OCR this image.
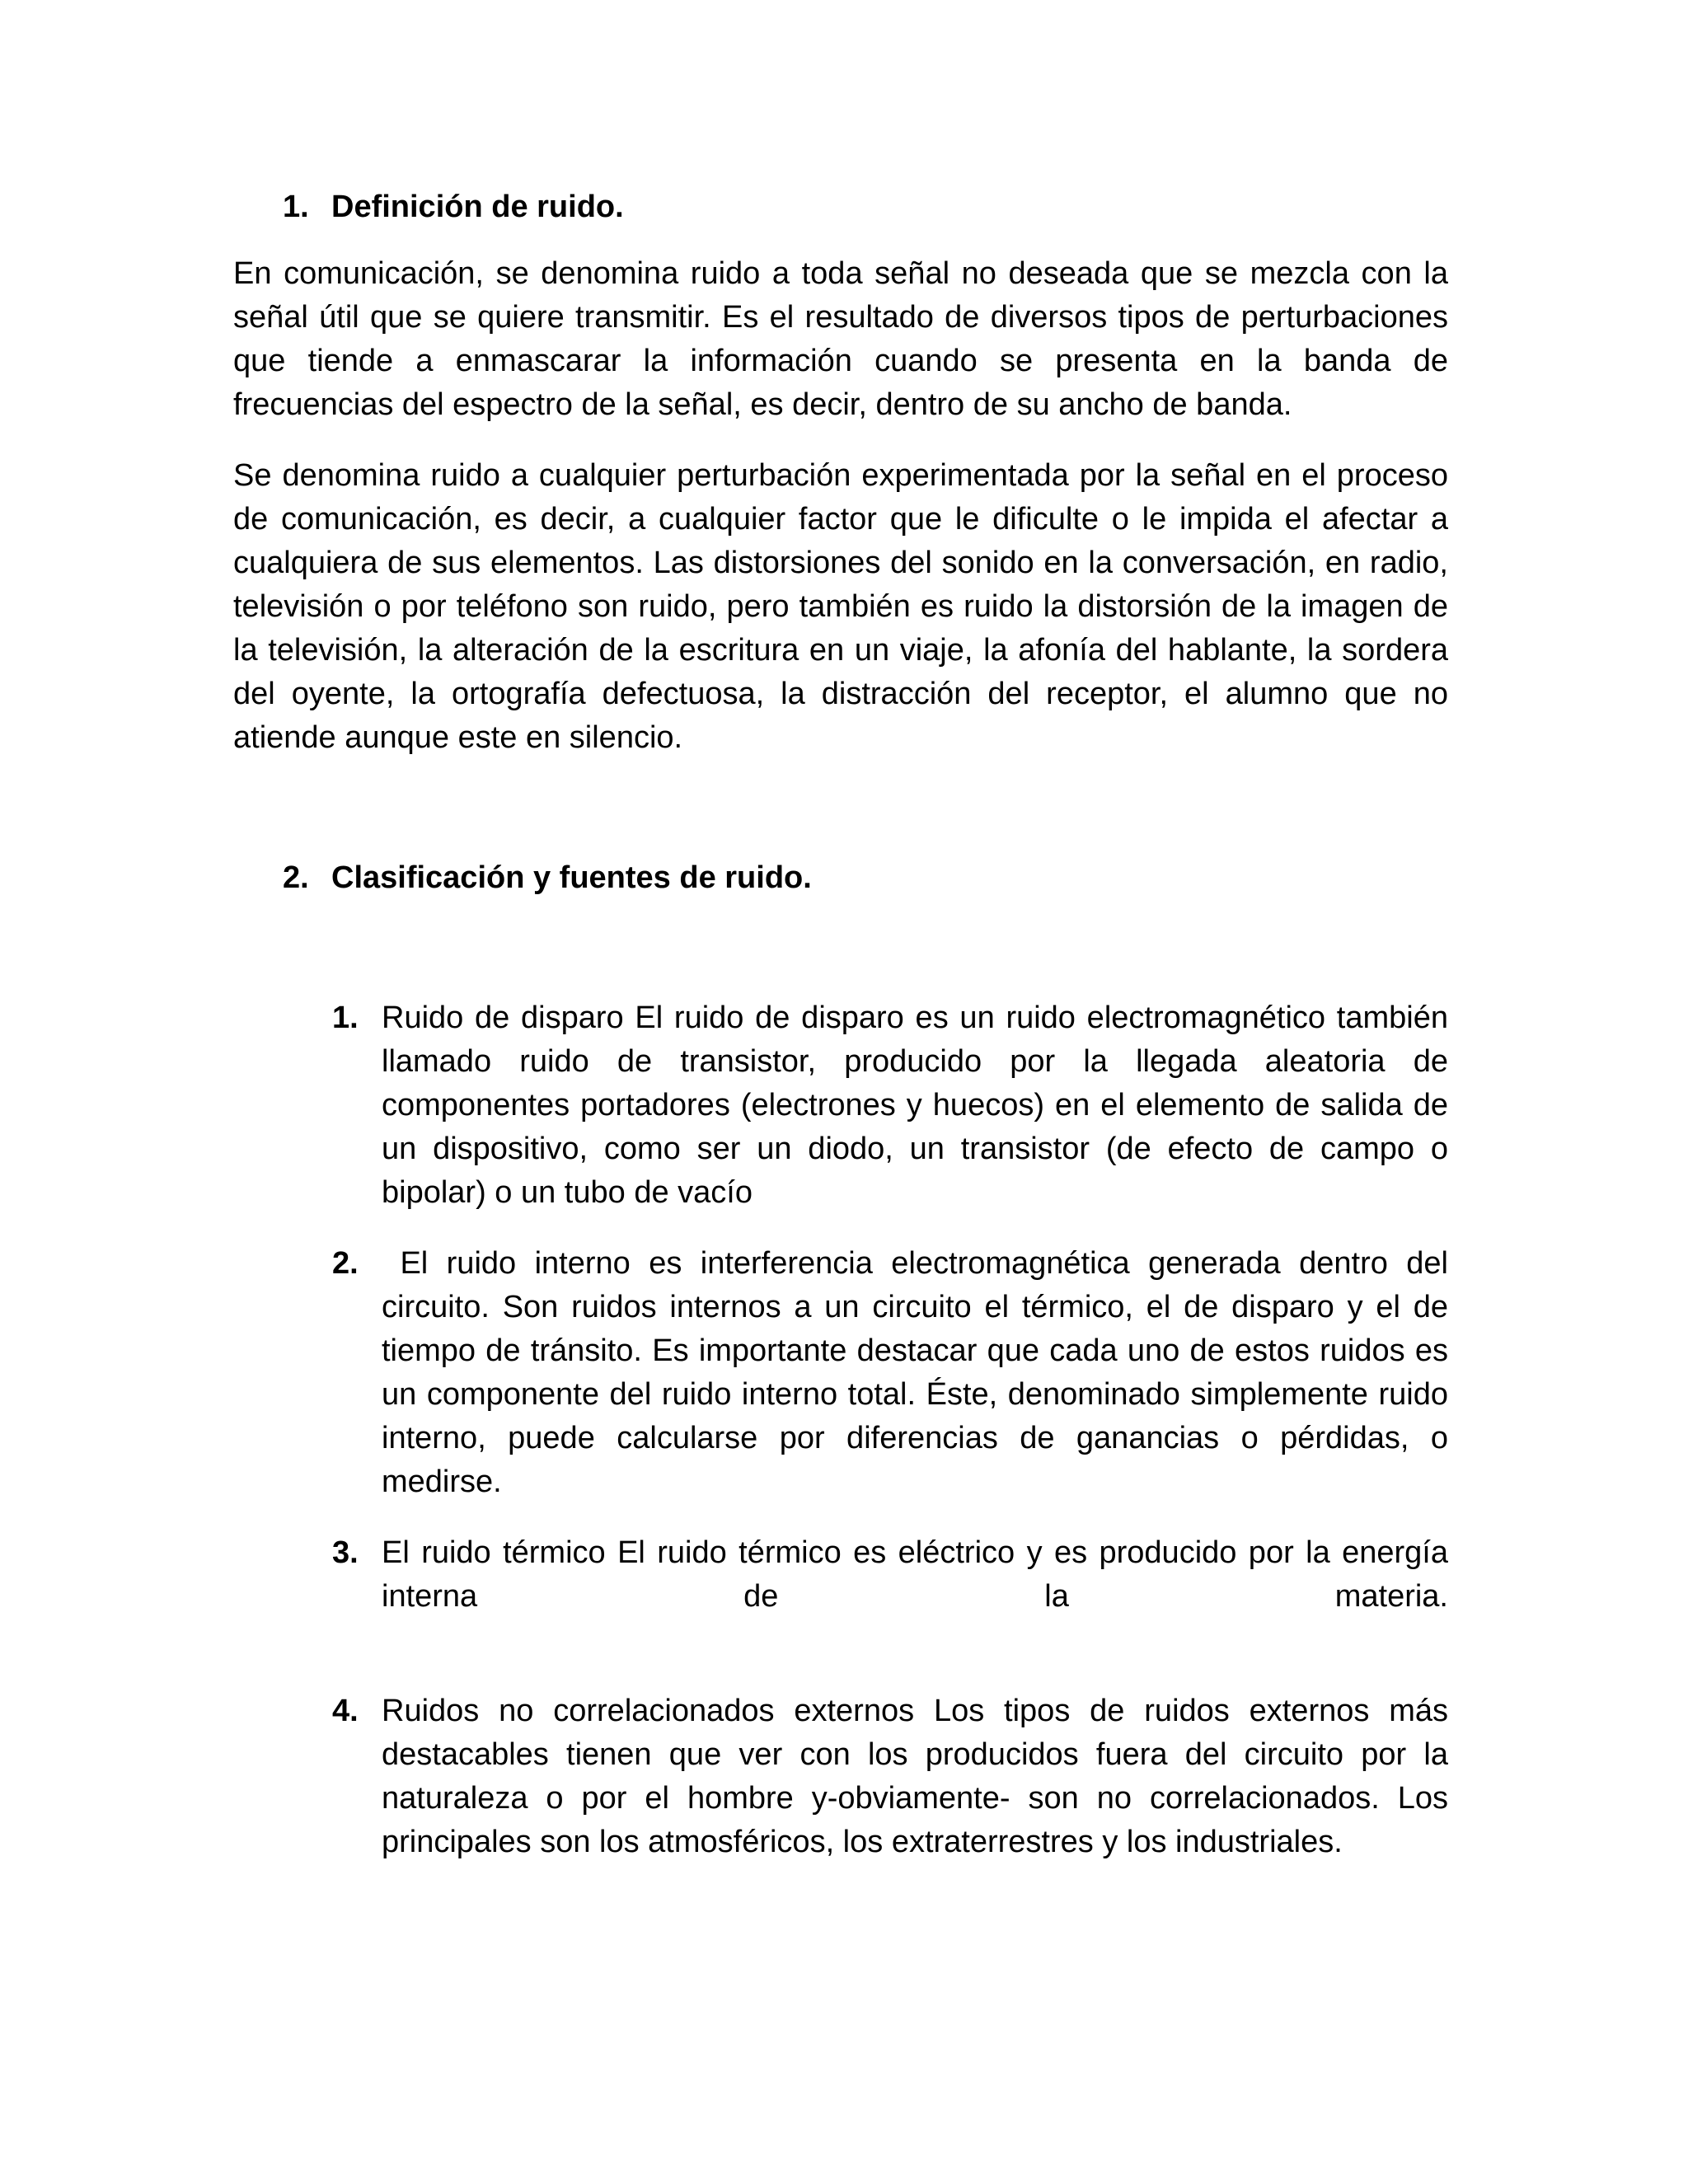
1. Definición de ruido.

En comunicación, se denomina ruido a toda señal no deseada que se mezcla con la señal útil que se quiere transmitir. Es el resultado de diversos tipos de perturbaciones que tiende a enmascarar la información cuando se presenta en la banda de frecuencias del espectro de la señal, es decir, dentro de su ancho de banda.

Se denomina ruido a cualquier perturbación experimentada por la señal en el proceso de comunicación, es decir, a cualquier factor que le dificulte o le impida el afectar a cualquiera de sus elementos. Las distorsiones del sonido en la conversación, en radio, televisión o por teléfono son ruido, pero también es ruido la distorsión de la imagen de la televisión, la alteración de la escritura en un viaje, la afonía del hablante, la sordera del oyente, la ortografía defectuosa, la distracción del receptor, el alumno que no atiende aunque este en silencio.

2. Clasificación y fuentes de ruido.
1. Ruido de disparo El ruido de disparo es un ruido electromagnético también llamado ruido de transistor, producido por la llegada aleatoria de componentes portadores (electrones y huecos) en el elemento de salida de un dispositivo, como ser un diodo, un transistor (de efecto de campo o bipolar) o un tubo de vacío
2. El ruido interno es interferencia electromagnética generada dentro del circuito. Son ruidos internos a un circuito el térmico, el de disparo y el de tiempo de tránsito. Es importante destacar que cada uno de estos ruidos es un componente del ruido interno total. Éste, denominado simplemente ruido interno, puede calcularse por diferencias de ganancias o pérdidas, o medirse.
3. El ruido térmico El ruido térmico es eléctrico y es producido por la energía interna de la materia.
4. Ruidos no correlacionados externos Los tipos de ruidos externos más destacables tienen que ver con los producidos fuera del circuito por la naturaleza o por el hombre y-obviamente- son no correlacionados. Los principales son los atmosféricos, los extraterrestres y los industriales.
